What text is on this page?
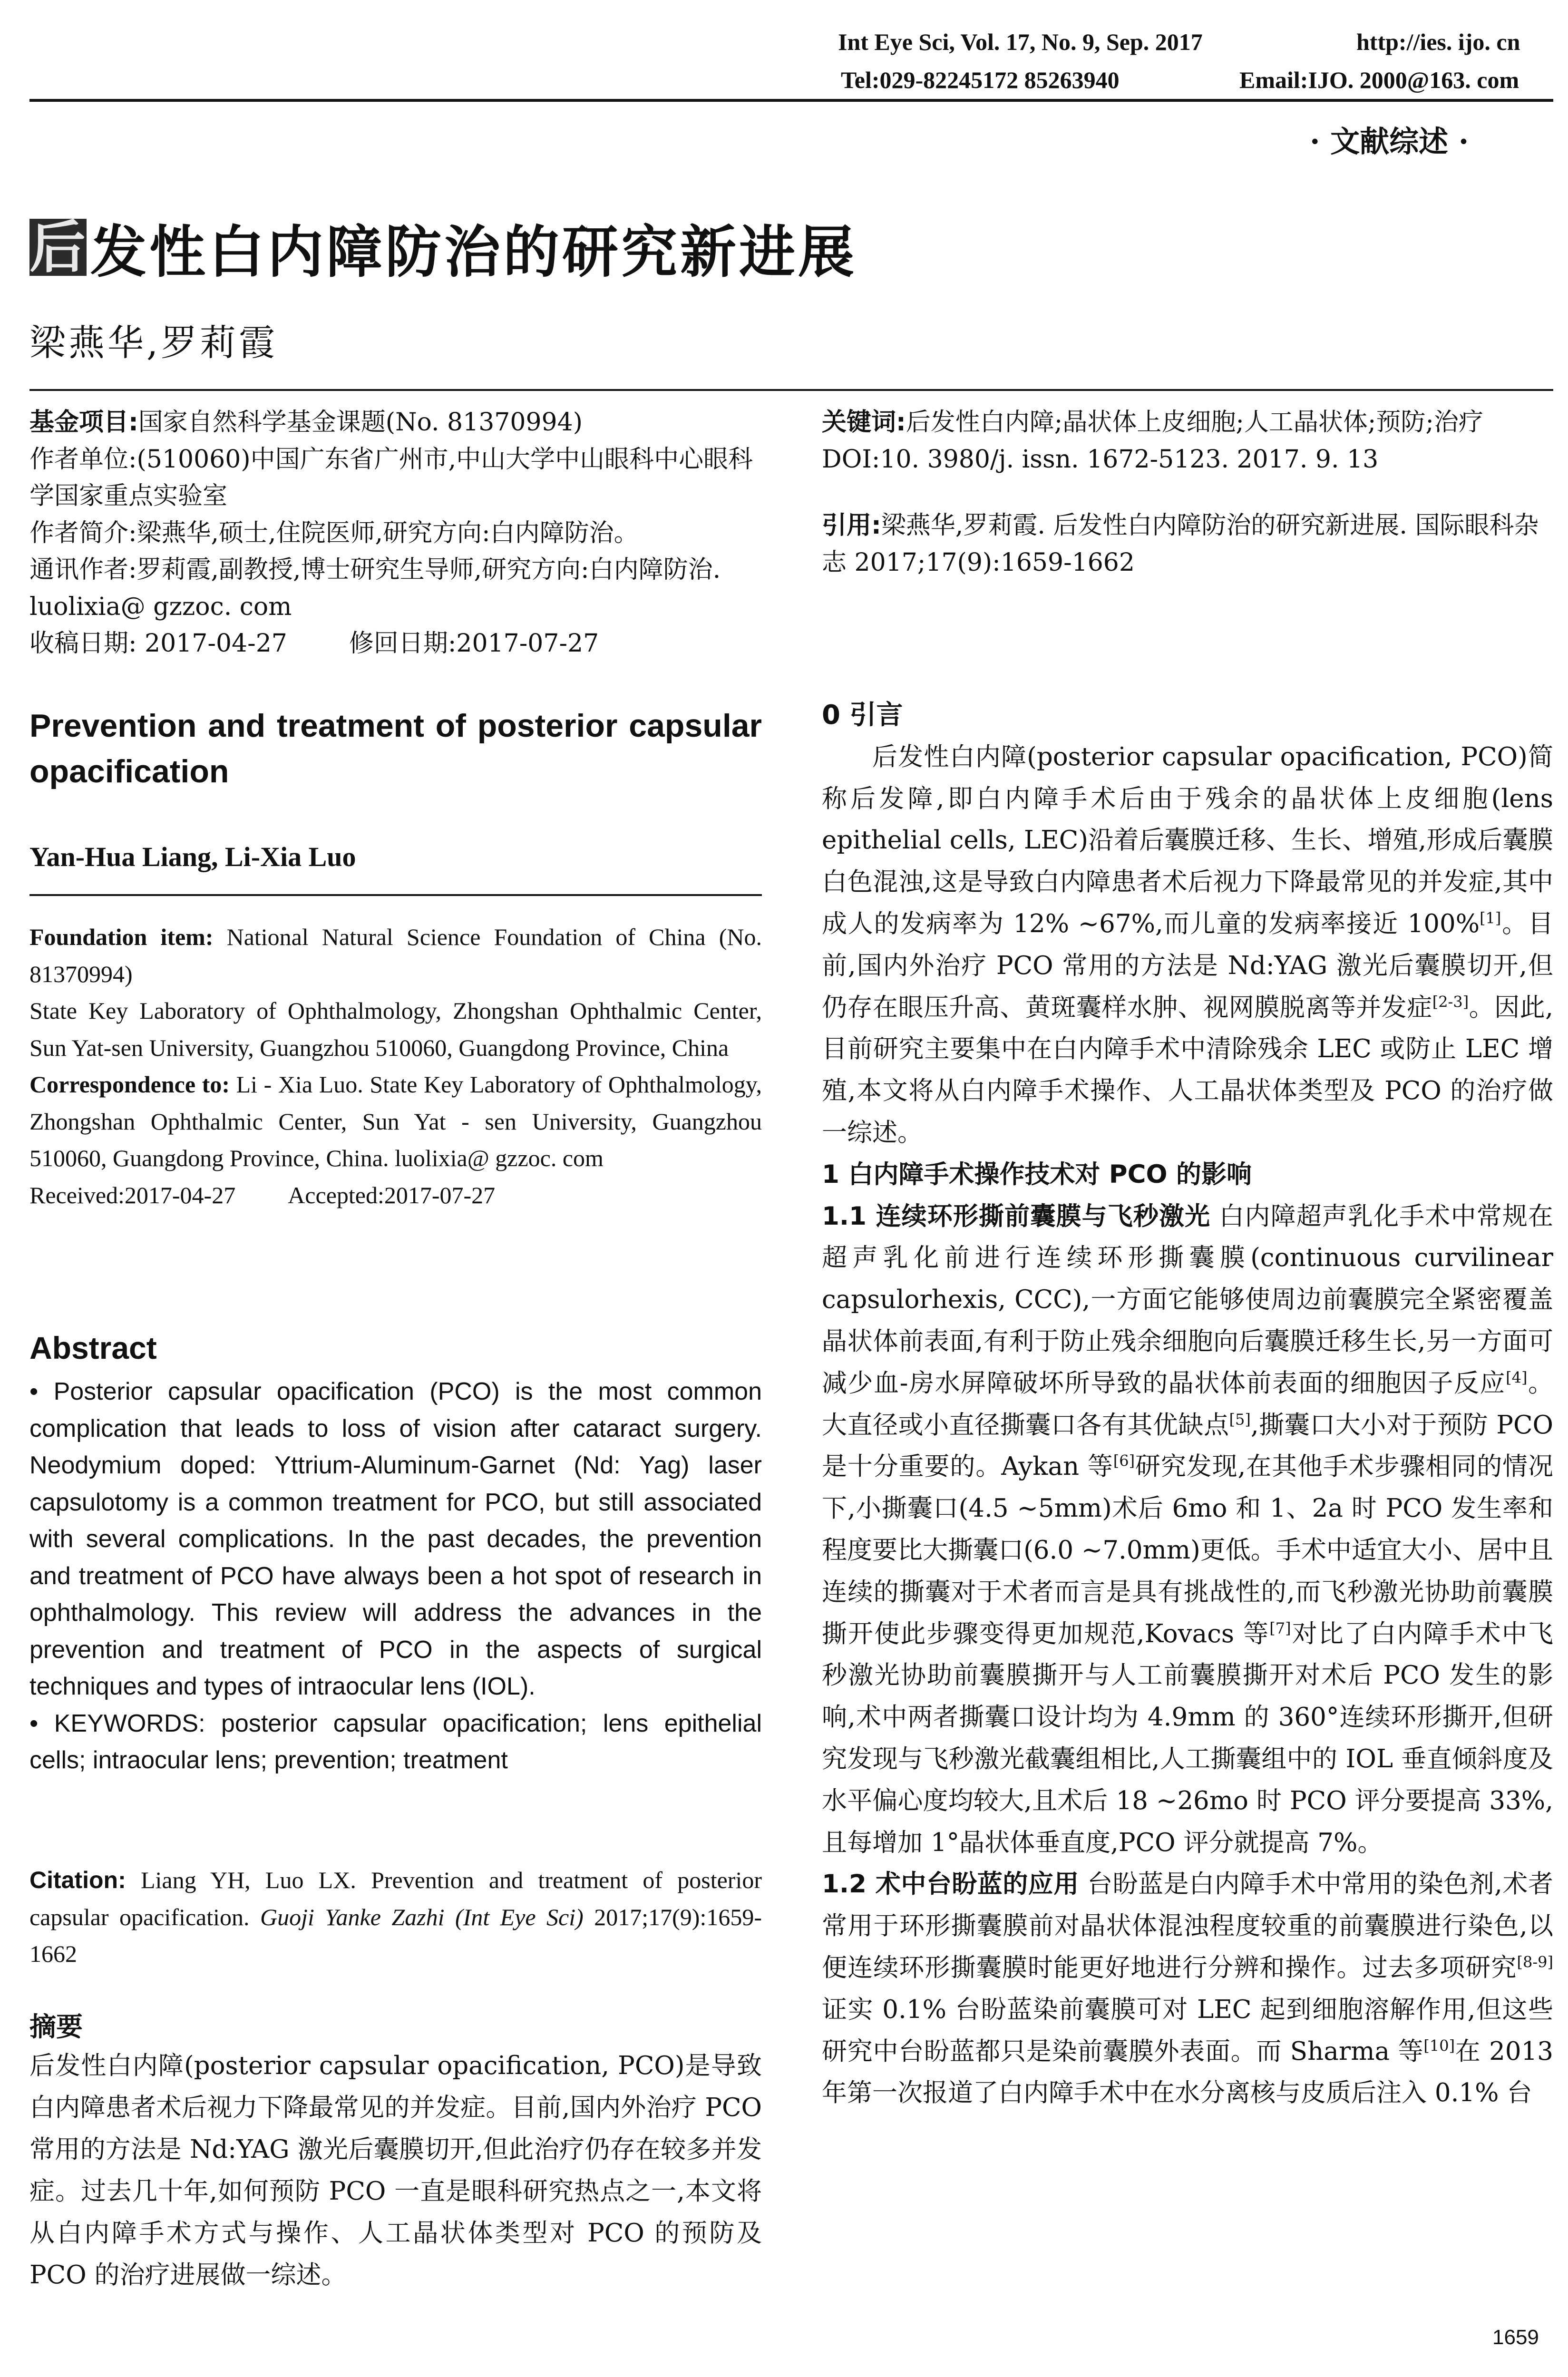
Int Eye Sci, Vol. 17, No. 9, Sep. 2017	http://ies. ijo. cn
Tel:029-82245172 85263940	Email:IJO. 2000@163. com
· 文献综述 ·
后 发性白内障防治的研究新进展
梁燕华,罗莉霞

基金项目:国家自然科学基金课题(No. 81370994)

作者单位:(510060)中国广东省广州市,中山大学中山眼科中心眼科学国家重点实验室

作者简介:梁燕华,硕士,住院医师,研究方向:白内障防治。

通讯作者:罗莉霞,副教授,博士研究生导师,研究方向:白内障防治. luolixia@ gzzoc. com

收稿日期: 2017-04-27	修回日期:2017-07-27

关键词:后发性白内障;晶状体上皮细胞;人工晶状体;预防;治疗

DOI:10. 3980/j. issn. 1672-5123. 2017. 9. 13

引用:梁燕华,罗莉霞. 后发性白内障防治的研究新进展. 国际眼科杂志 2017;17(9):1659-1662

Prevention and treatment of posterior capsular opacification
Yan-Hua Liang, Li-Xia Luo
Foundation item: National Natural Science Foundation of China (No. 81370994)
State Key Laboratory of Ophthalmology, Zhongshan Ophthalmic Center, Sun Yat-sen University, Guangzhou 510060, Guangdong Province, China
Correspondence to: Li - Xia Luo. State Key Laboratory of Ophthalmology, Zhongshan Ophthalmic Center, Sun Yat - sen University, Guangzhou 510060, Guangdong Province, China. luolixia@ gzzoc. com
Received:2017-04-27 Accepted:2017-07-27
Abstract
• Posterior capsular opacification (PCO) is the most common complication that leads to loss of vision after cataract surgery. Neodymium doped: Yttrium-Aluminum-Garnet (Nd: Yag) laser capsulotomy is a common treatment for PCO, but still associated with several complications. In the past decades, the prevention and treatment of PCO have always been a hot spot of research in ophthalmology. This review will address the advances in the prevention and treatment of PCO in the aspects of surgical techniques and types of intraocular lens (IOL).
• KEYWORDS: posterior capsular opacification; lens epithelial cells; intraocular lens; prevention; treatment
Citation: Liang YH, Luo LX. Prevention and treatment of posterior capsular opacification. Guoji Yanke Zazhi (Int Eye Sci) 2017;17(9):1659-1662
摘要
后发性白内障(posterior capsular opacification, PCO)是导致白内障患者术后视力下降最常见的并发症。目前,国内外治疗 PCO 常用的方法是 Nd:YAG 激光后囊膜切开,但此治疗仍存在较多并发症。过去几十年,如何预防 PCO 一直是眼科研究热点之一,本文将从白内障手术方式与操作、人工晶状体类型对 PCO 的预防及 PCO 的治疗进展做一综述。
0 引言
后发性白内障(posterior capsular opacification, PCO)简称后发障,即白内障手术后由于残余的晶状体上皮细胞(lens epithelial cells, LEC)沿着后囊膜迁移、生长、增殖,形成后囊膜白色混浊,这是导致白内障患者术后视力下降最常见的并发症,其中成人的发病率为 12% ~67%,而儿童的发病率接近 100%[1]。目前,国内外治疗 PCO 常用的方法是 Nd:YAG 激光后囊膜切开,但仍存在眼压升高、黄斑囊样水肿、视网膜脱离等并发症[2-3]。因此,目前研究主要集中在白内障手术中清除残余 LEC 或防止 LEC 增殖,本文将从白内障手术操作、人工晶状体类型及 PCO 的治疗做一综述。
1 白内障手术操作技术对 PCO 的影响
1.1 连续环形撕前囊膜与飞秒激光 白内障超声乳化手术中常规在超声乳化前进行连续环形撕囊膜(continuous curvilinear capsulorhexis, CCC),一方面它能够使周边前囊膜完全紧密覆盖晶状体前表面,有利于防止残余细胞向后囊膜迁移生长,另一方面可减少血-房水屏障破坏所导致的晶状体前表面的细胞因子反应[4]。大直径或小直径撕囊口各有其优缺点[5],撕囊口大小对于预防 PCO 是十分重要的。Aykan 等[6]研究发现,在其他手术步骤相同的情况下,小撕囊口(4.5 ~5mm)术后 6mo 和 1、2a 时 PCO 发生率和程度要比大撕囊口(6.0 ~7.0mm)更低。手术中适宜大小、居中且连续的撕囊对于术者而言是具有挑战性的,而飞秒激光协助前囊膜撕开使此步骤变得更加规范,Kovacs 等[7]对比了白内障手术中飞秒激光协助前囊膜撕开与人工前囊膜撕开对术后 PCO 发生的影响,术中两者撕囊口设计均为 4.9mm 的 360°连续环形撕开,但研究发现与飞秒激光截囊组相比,人工撕囊组中的 IOL 垂直倾斜度及水平偏心度均较大,且术后 18 ~26mo 时 PCO 评分要提高 33%,且每增加 1°晶状体垂直度,PCO 评分就提高 7%。
1.2 术中台盼蓝的应用 台盼蓝是白内障手术中常用的染色剂,术者常用于环形撕囊膜前对晶状体混浊程度较重的前囊膜进行染色,以便连续环形撕囊膜时能更好地进行分辨和操作。过去多项研究[8-9]证实 0.1% 台盼蓝染前囊膜可对 LEC 起到细胞溶解作用,但这些研究中台盼蓝都只是染前囊膜外表面。而 Sharma 等[10]在 2013 年第一次报道了白内障手术中在水分离核与皮质后注入 0.1% 台
1659
